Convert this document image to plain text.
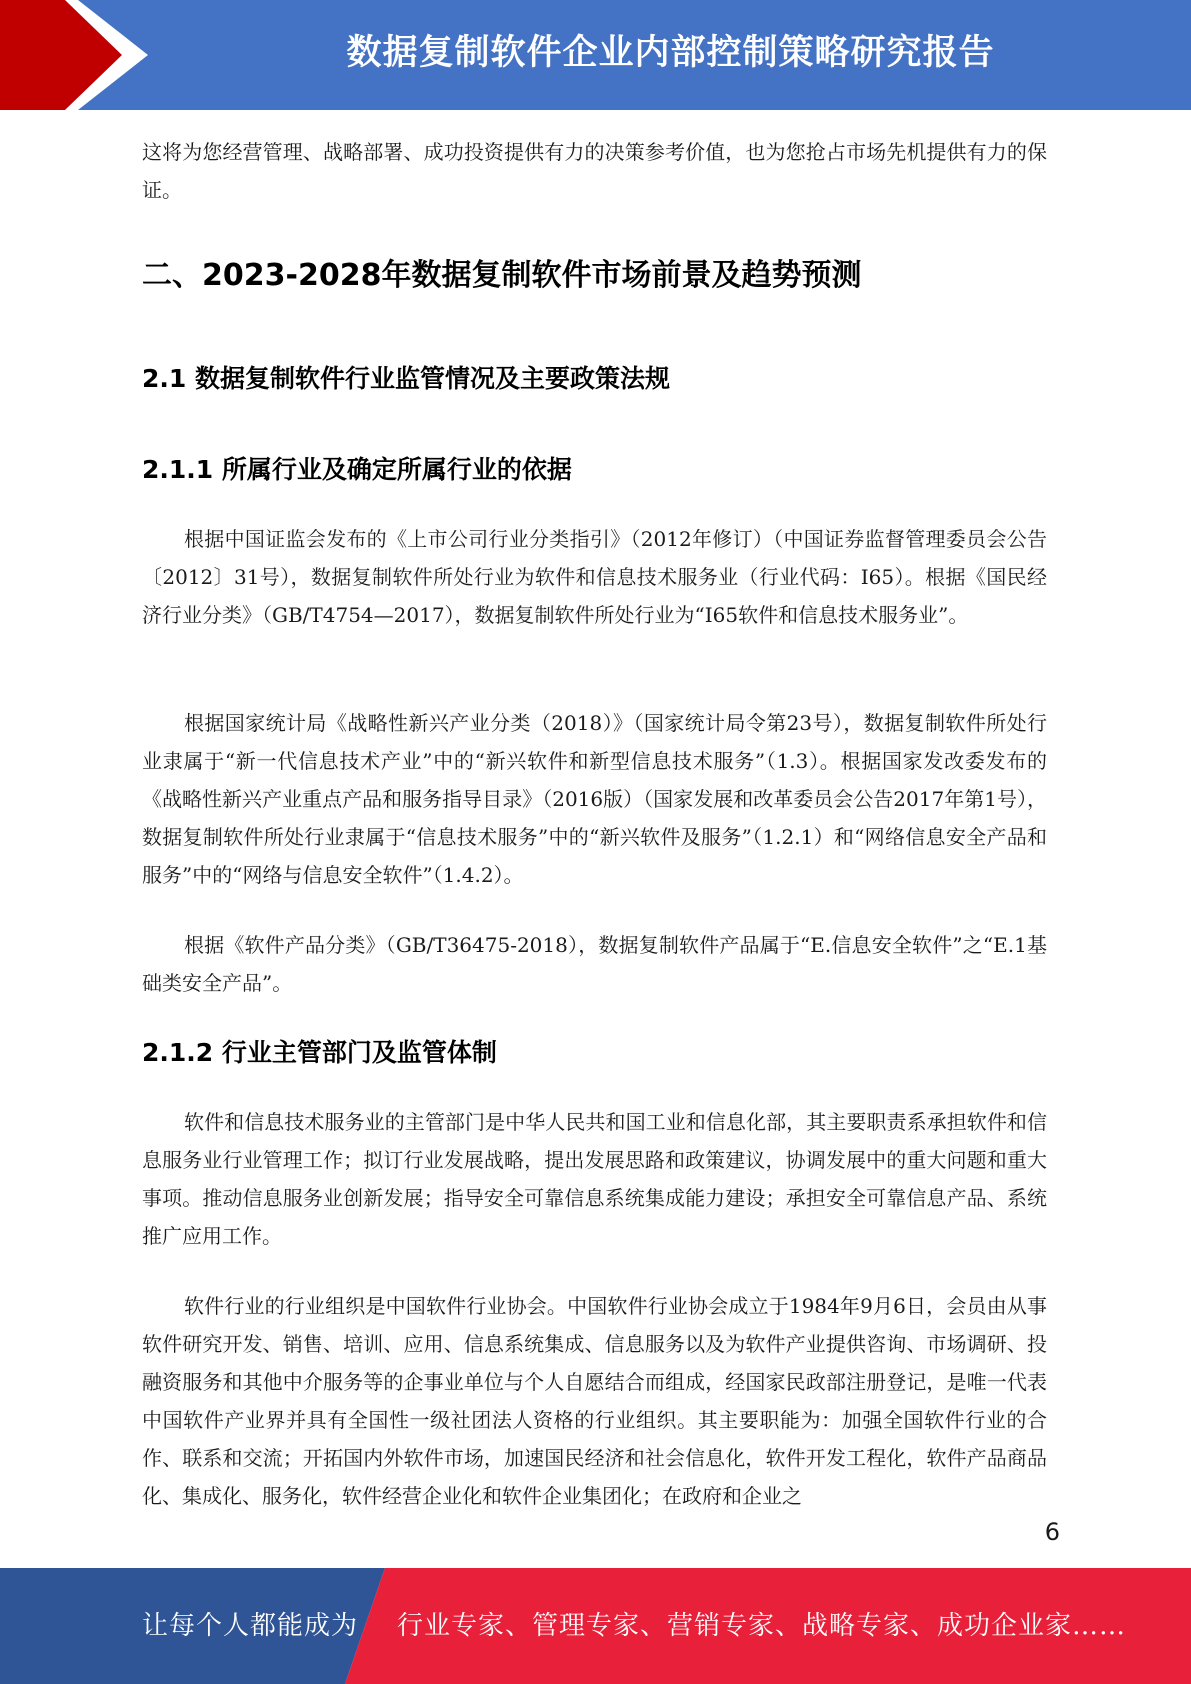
数据复制软件企业内部控制策略研究报告

这将为您经营管理、战略部署、成功投资提供有力的决策参考价值，也为您抢占市场先机提供有力的保证。

二、2023-2028年数据复制软件市场前景及趋势预测
2.1 数据复制软件行业监管情况及主要政策法规
2.1.1 所属行业及确定所属行业的依据

根据中国证监会发布的《上市公司行业分类指引》（2012年修订）（中国证券监督管理委员会公告〔2012〕31号），数据复制软件所处行业为软件和信息技术服务业（行业代码：I65）。根据《国民经济行业分类》（GB/T4754—2017），数据复制软件所处行业为“I65软件和信息技术服务业”。

根据国家统计局《战略性新兴产业分类（2018）》（国家统计局令第23号），数据复制软件所处行业隶属于“新一代信息技术产业”中的“新兴软件和新型信息技术服务”（1.3）。根据国家发改委发布的《战略性新兴产业重点产品和服务指导目录》（2016版）（国家发展和改革委员会公告2017年第1号），数据复制软件所处行业隶属于“信息技术服务”中的“新兴软件及服务”（1.2.1）和“网络信息安全产品和服务”中的“网络与信息安全软件”（1.4.2）。

根据《软件产品分类》（GB/T36475-2018），数据复制软件产品属于“E.信息安全软件”之“E.1基础类安全产品”。

2.1.2 行业主管部门及监管体制

软件和信息技术服务业的主管部门是中华人民共和国工业和信息化部，其主要职责系承担软件和信息服务业行业管理工作；拟订行业发展战略，提出发展思路和政策建议，协调发展中的重大问题和重大事项。推动信息服务业创新发展；指导安全可靠信息系统集成能力建设；承担安全可靠信息产品、系统推广应用工作。

软件行业的行业组织是中国软件行业协会。中国软件行业协会成立于1984年9月6日，会员由从事软件研究开发、销售、培训、应用、信息系统集成、信息服务以及为软件产业提供咨询、市场调研、投融资服务和其他中介服务等的企事业单位与个人自愿结合而组成，经国家民政部注册登记，是唯一代表中国软件产业界并具有全国性一级社团法人资格的行业组织。其主要职能为：加强全国软件行业的合作、联系和交流；开拓国内外软件市场，加速国民经济和社会信息化，软件开发工程化，软件产品商品化、集成化、服务化，软件经营企业化和软件企业集团化；在政府和企业之

6
让每个人都能成为 行业专家、管理专家、营销专家、战略专家、成功企业家……
